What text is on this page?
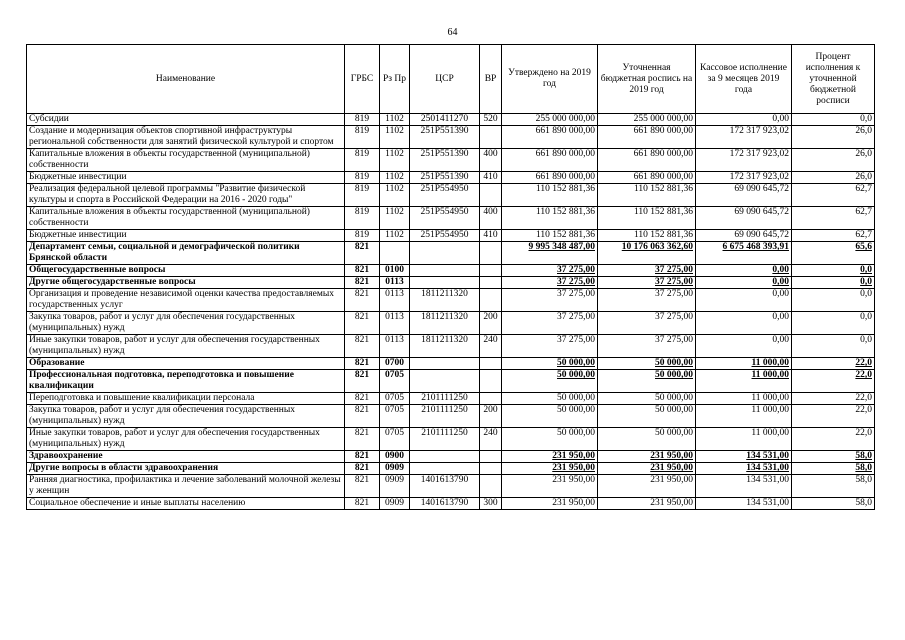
64
Наименование	ГРБС	Рз Пр	ЦСР	ВР	Утверждено на 2019 год	Уточненная бюджетная роспись на 2019 год	Кассовое исполнение за 9 месяцев 2019 года	Процент исполнения к уточненной бюджетной росписи
Субсидии	819	1102	2501411270	520	255 000 000,00	255 000 000,00	0,00	0,0
Создание и модернизация объектов спортивной инфраструктуры региональной собственности для занятий физической культурой и спортом	819	1102	251P551390		661 890 000,00	661 890 000,00	172 317 923,02	26,0
Капитальные вложения в объекты государственной (муниципальной) собственности	819	1102	251P551390	400	661 890 000,00	661 890 000,00	172 317 923,02	26,0
Бюджетные инвестиции	819	1102	251P551390	410	661 890 000,00	661 890 000,00	172 317 923,02	26,0
Реализация федеральной целевой программы "Развитие физической культуры и спорта в Российской Федерации на 2016 - 2020 годы"	819	1102	251P554950		110 152 881,36	110 152 881,36	69 090 645,72	62,7
Капитальные вложения в объекты государственной (муниципальной) собственности	819	1102	251P554950	400	110 152 881,36	110 152 881,36	69 090 645,72	62,7
Бюджетные инвестиции	819	1102	251P554950	410	110 152 881,36	110 152 881,36	69 090 645,72	62,7
Департамент семьи, социальной и демографической политики Брянской области	821				9 995 348 487,00	10 176 063 362,60	6 675 468 393,91	65,6
Общегосударственные вопросы	821	0100			37 275,00	37 275,00	0,00	0,0
Другие общегосударственные вопросы	821	0113			37 275,00	37 275,00	0,00	0,0
Организация и проведение независимой оценки качества предоставляемых государственных услуг	821	0113	1811211320		37 275,00	37 275,00	0,00	0,0
Закупка товаров, работ и услуг для обеспечения государственных (муниципальных) нужд	821	0113	1811211320	200	37 275,00	37 275,00	0,00	0,0
Иные закупки товаров, работ и услуг для обеспечения государственных (муниципальных) нужд	821	0113	1811211320	240	37 275,00	37 275,00	0,00	0,0
Образование	821	0700			50 000,00	50 000,00	11 000,00	22,0
Профессиональная подготовка, переподготовка и повышение квалификации	821	0705			50 000,00	50 000,00	11 000,00	22,0
Переподготовка и повышение квалификации персонала	821	0705	2101111250		50 000,00	50 000,00	11 000,00	22,0
Закупка товаров, работ и услуг для обеспечения государственных (муниципальных) нужд	821	0705	2101111250	200	50 000,00	50 000,00	11 000,00	22,0
Иные закупки товаров, работ и услуг для обеспечения государственных (муниципальных) нужд	821	0705	2101111250	240	50 000,00	50 000,00	11 000,00	22,0
Здравоохранение	821	0900			231 950,00	231 950,00	134 531,00	58,0
Другие вопросы в области здравоохранения	821	0909			231 950,00	231 950,00	134 531,00	58,0
Ранняя диагностика, профилактика и лечение заболеваний молочной железы у женщин	821	0909	1401613790		231 950,00	231 950,00	134 531,00	58,0
Социальное обеспечение и иные выплаты населению	821	0909	1401613790	300	231 950,00	231 950,00	134 531,00	58,0
